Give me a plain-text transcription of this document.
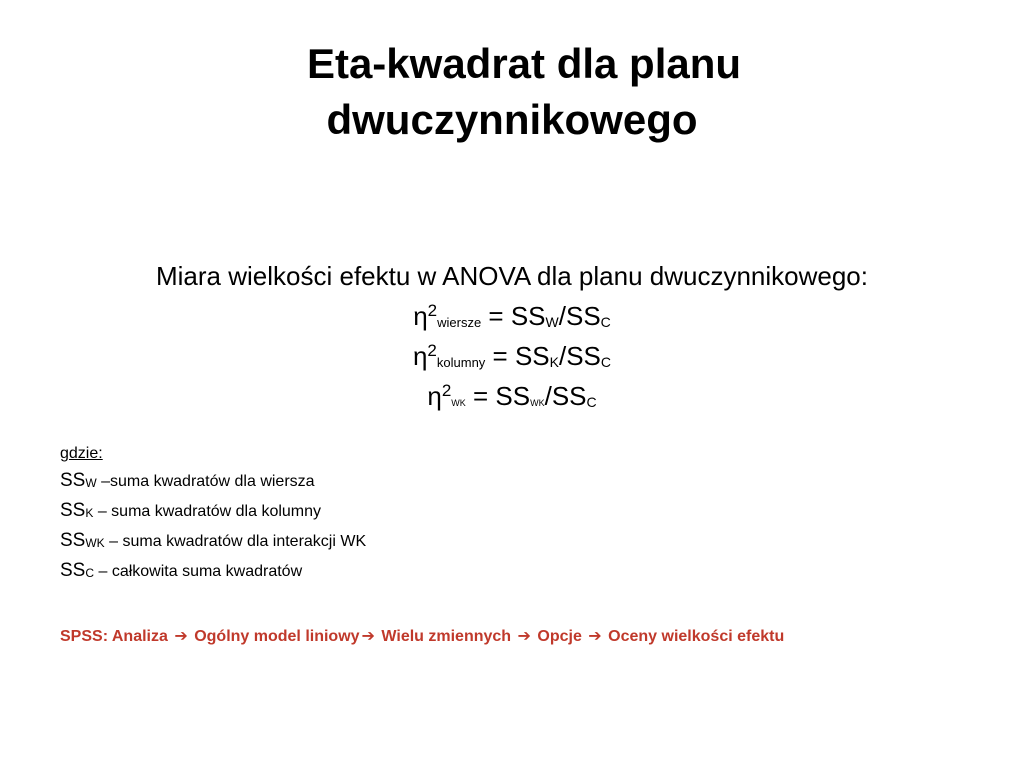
Eta-kwadrat dla planu
dwuczynnikowego
Miara wielkości efektu w ANOVA dla planu dwuczynnikowego:
$\eta^2_{wiersze} = SSW/SSC$
$\eta^2_{kolumny} = SSK/SSC$
$\eta^2_{WK}$ = SSWK/SSC
gdzie:
SSW –suma kwadratów dla wiersza
SSK – suma kwadratów dla kolumny
SSWK – suma kwadratów dla interakcji WK
SSC – całkowita suma kwadratów
SPSS: Analiza ➔ Ogólny model liniowy ➔ Wielu zmiennych ➔ Opcje ➔ Oceny wielkości efektu
